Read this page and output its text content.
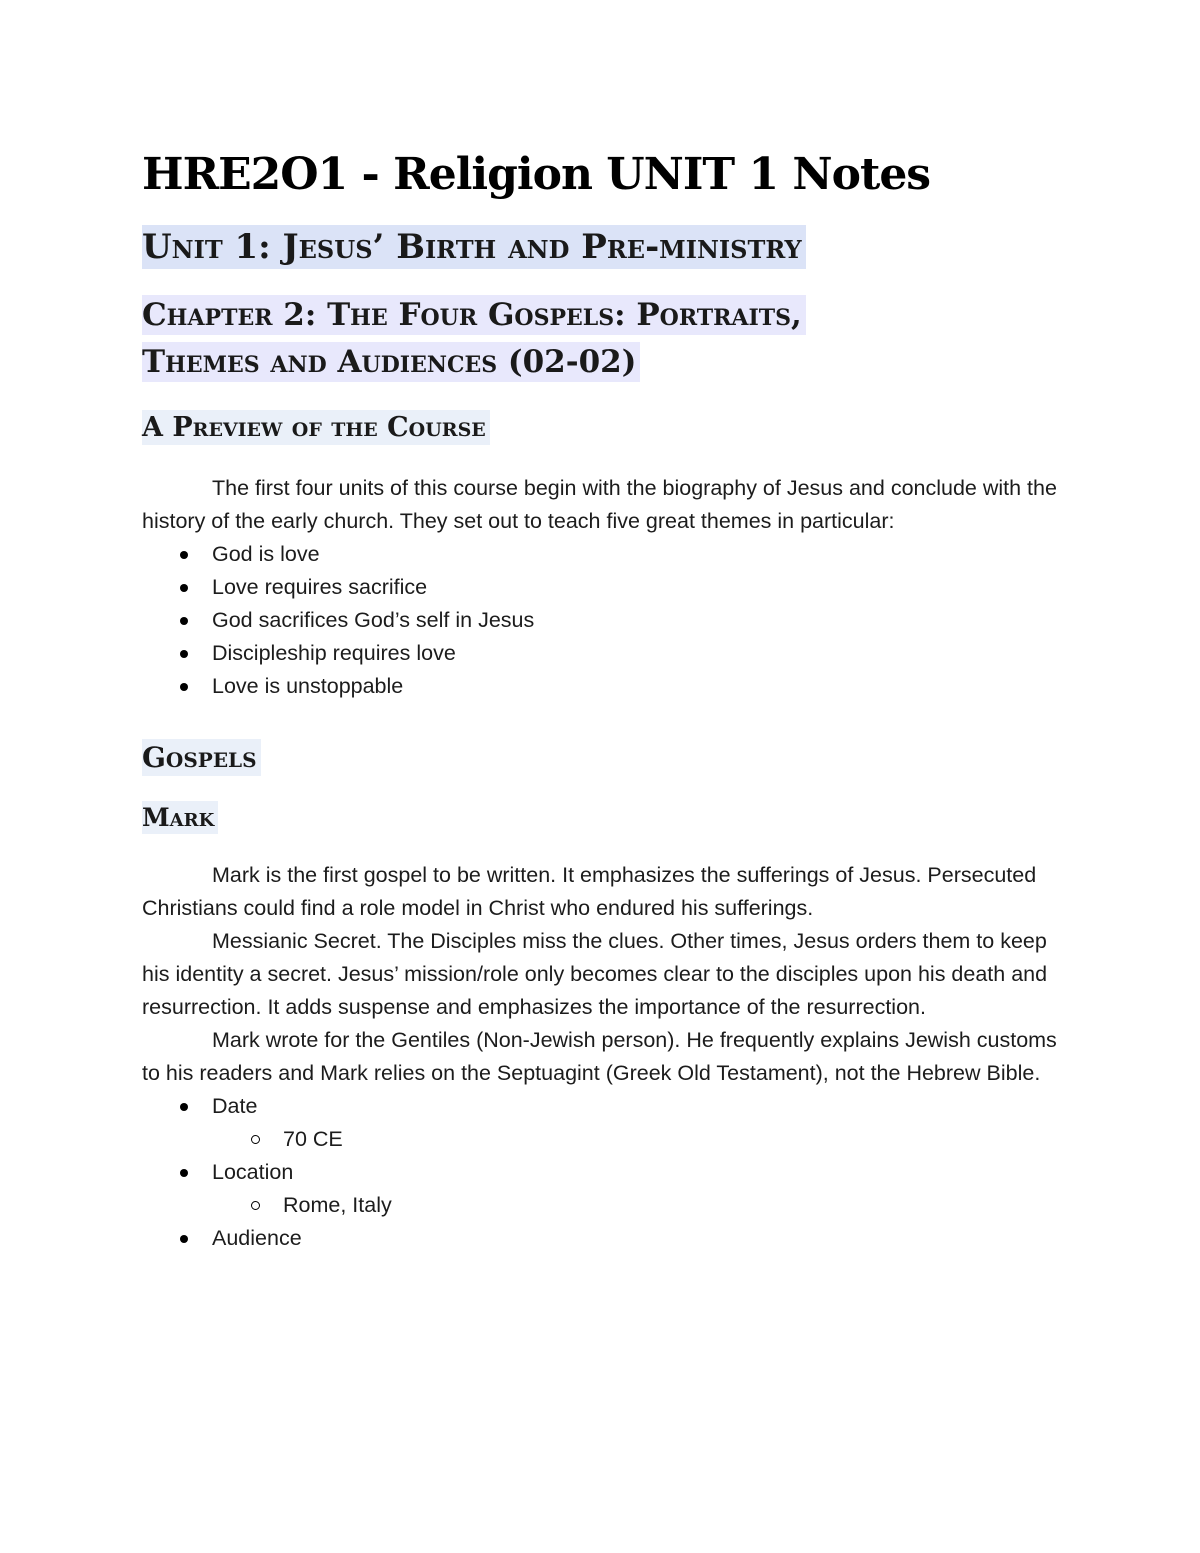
HRE2O1 - Religion UNIT 1 Notes
Unit 1: Jesus’ Birth and Pre-ministry
Chapter 2: The Four Gospels: Portraits,
Themes and Audiences (02-02)
A Preview of the Course

The first four units of this course begin with the biography of Jesus and conclude with the history of the early church. They set out to teach five great themes in particular:

God is love
Love requires sacrifice
God sacrifices God’s self in Jesus
Discipleship requires love
Love is unstoppable
Gospels
Mark

Mark is the first gospel to be written. It emphasizes the sufferings of Jesus. Persecuted Christians could find a role model in Christ who endured his sufferings.

Messianic Secret. The Disciples miss the clues. Other times, Jesus orders them to keep his identity a secret. Jesus’ mission/role only becomes clear to the disciples upon his death and resurrection. It adds suspense and emphasizes the importance of the resurrection.

Mark wrote for the Gentiles (Non-Jewish person). He frequently explains Jewish customs to his readers and Mark relies on the Septuagint (Greek Old Testament), not the Hebrew Bible.

Date
70 CE
Location
Rome, Italy
Audience
